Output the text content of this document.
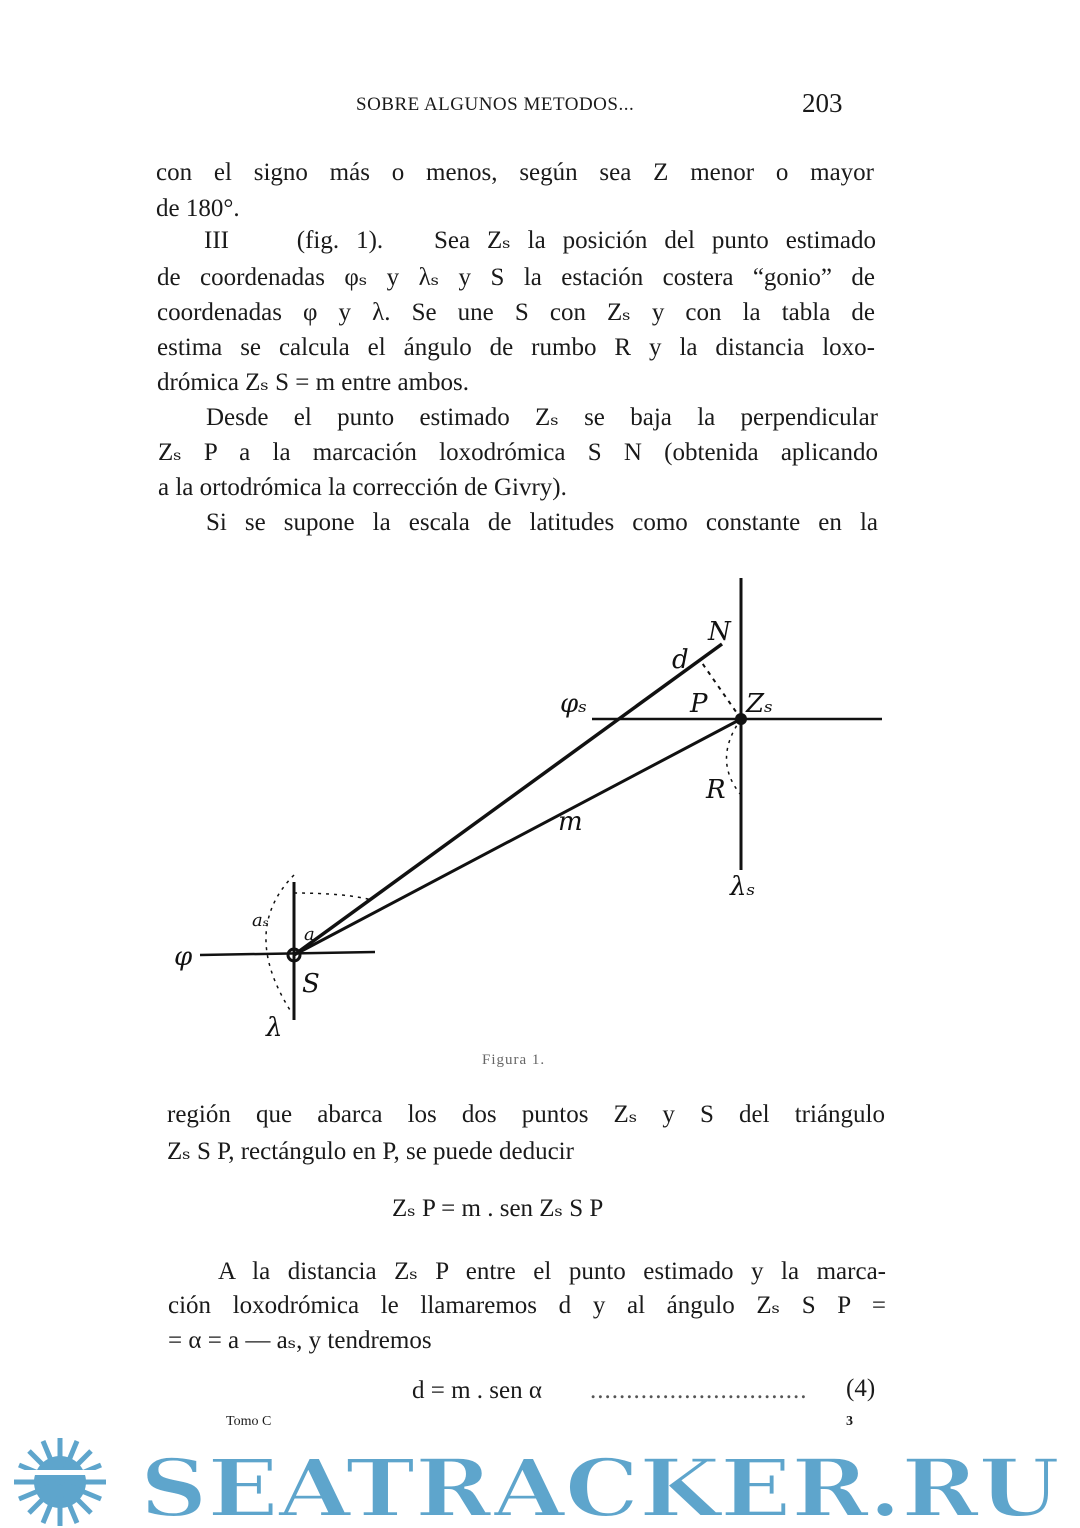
SOBRE ALGUNOS METODOS...	203
con el signo más o menos, según sea Z menor o mayor
de 180°.
III    (fig. 1).   Sea Zₛ la posición del punto estimado
de coordenadas φₛ y λₛ y S la estación costera “gonio” de
coordenadas φ y λ. Se une S con Zₛ y con la tabla de
estima se calcula el ángulo de rumbo R y la distancia loxo-
drómica Zₛ S = m entre ambos.
Desde el punto estimado Zₛ se baja la perpendicular
Zₛ P a la marcación loxodrómica S N (obtenida aplicando
a la ortodrómica la corrección de Givry).
Si se supone la escala de latitudes como constante en la
N
d
φₛ	P Zₛ
R
m
λₛ
φ
S
λ
a
aₛ
Figura 1.
región que abarca los dos puntos Zₛ y S del triángulo
Zₛ S P, rectángulo en P, se puede deducir
Zₛ P = m . sen Zₛ S P
A la distancia Zₛ P entre el punto estimado y la marca-
ción loxodrómica le llamaremos d y al ángulo Zₛ S P =
= α = a — aₛ, y tendremos
d = m . sen α .............................. (4)
Tomo C	3
SEATRACKER.RU
